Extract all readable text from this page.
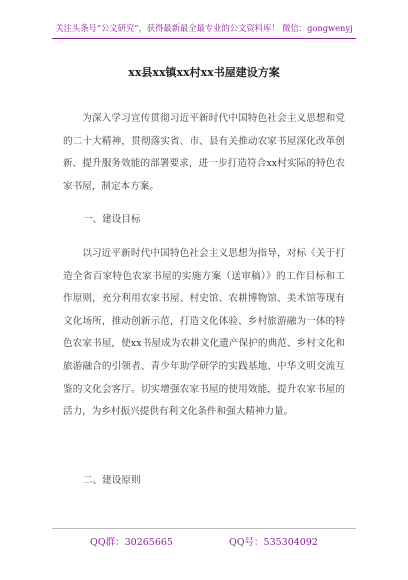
关注头条号“公文研究”，获得最新最全最专业的公文资料库！ 微信：gongwenyj
xx县xx镇xx村xx书屋建设方案

为深入学习宣传贯彻习近平新时代中国特色社会主义思想和党的二十大精神，贯彻落实省、市、县有关推动农家书屋深化改革创新、提升服务效能的部署要求，进一步打造符合xx村实际的特色农家书屋，制定本方案。

一、建设目标

以习近平新时代中国特色社会主义思想为指导，对标《关于打造全省百家特色农家书屋的实施方案（送审稿）》的工作目标和工作原则，充分利用农家书屋、村史馆、农耕博物馆、美术馆等现有文化场所，推动创新示范，打造文化体验、乡村旅游融为一体的特色农家书屋，使xx书屋成为农耕文化遗产保护的典范、乡村文化和旅游融合的引领者、青少年助学研学的实践基地、中华文明交流互鉴的文化会客厅。切实增强农家书屋的使用效能，提升农家书屋的活力，为乡村振兴提供有利文化条件和强大精神力量。

二、建设原则

QQ群：30265665	QQ号：535304092
